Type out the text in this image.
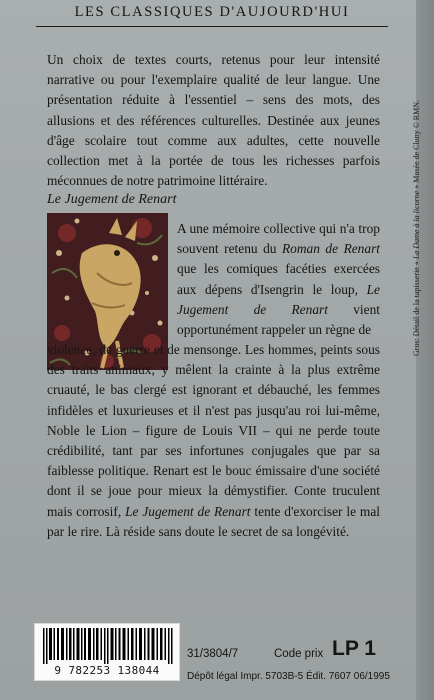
LES CLASSIQUES D'AUJOURD'HUI
Un choix de textes courts, retenus pour leur intensité narrative ou pour l'exemplaire qualité de leur langue. Une présentation réduite à l'essentiel – sens des mots, des allusions et des références culturelles. Destinée aux jeunes d'âge scolaire tout comme aux adultes, cette nouvelle collection met à la portée de tous les richesses parfois méconnues de notre patrimoine littéraire.
Le Jugement de Renart
A une mémoire collective qui n'a trop souvent retenu du Roman de Renart que les comiques facéties exercées aux dépens d'Isengrin le loup, Le Jugement de Renart vient opportunément rappeler un règne de	Gros: Détail de la tapisserie « La Dame à la licorne » Musée de Cluny © RMN.
9 782253 138044
31/3804/7	Code prix LP 1
Dépôt légal Impr. 5703B-5 Édit. 7607 06/1995
violence, de guerre et de mensonge. Les hommes, peints sous des traits animaux, y mêlent la crainte à la plus extrême cruauté, le bas clergé est ignorant et débauché, les femmes infidèles et luxurieuses et il n'est pas jusqu'au roi lui-même, Noble le Lion – figure de Louis VII – qui ne perde toute crédibilité, tant par ses infortunes conjugales que par sa faiblesse politique. Renart est le bouc émissaire d'une société dont il se joue pour mieux la démystifier. Conte truculent mais corrosif, Le Jugement de Renart tente d'exorciser le mal par le rire. Là réside sans doute le secret de sa longévité.
